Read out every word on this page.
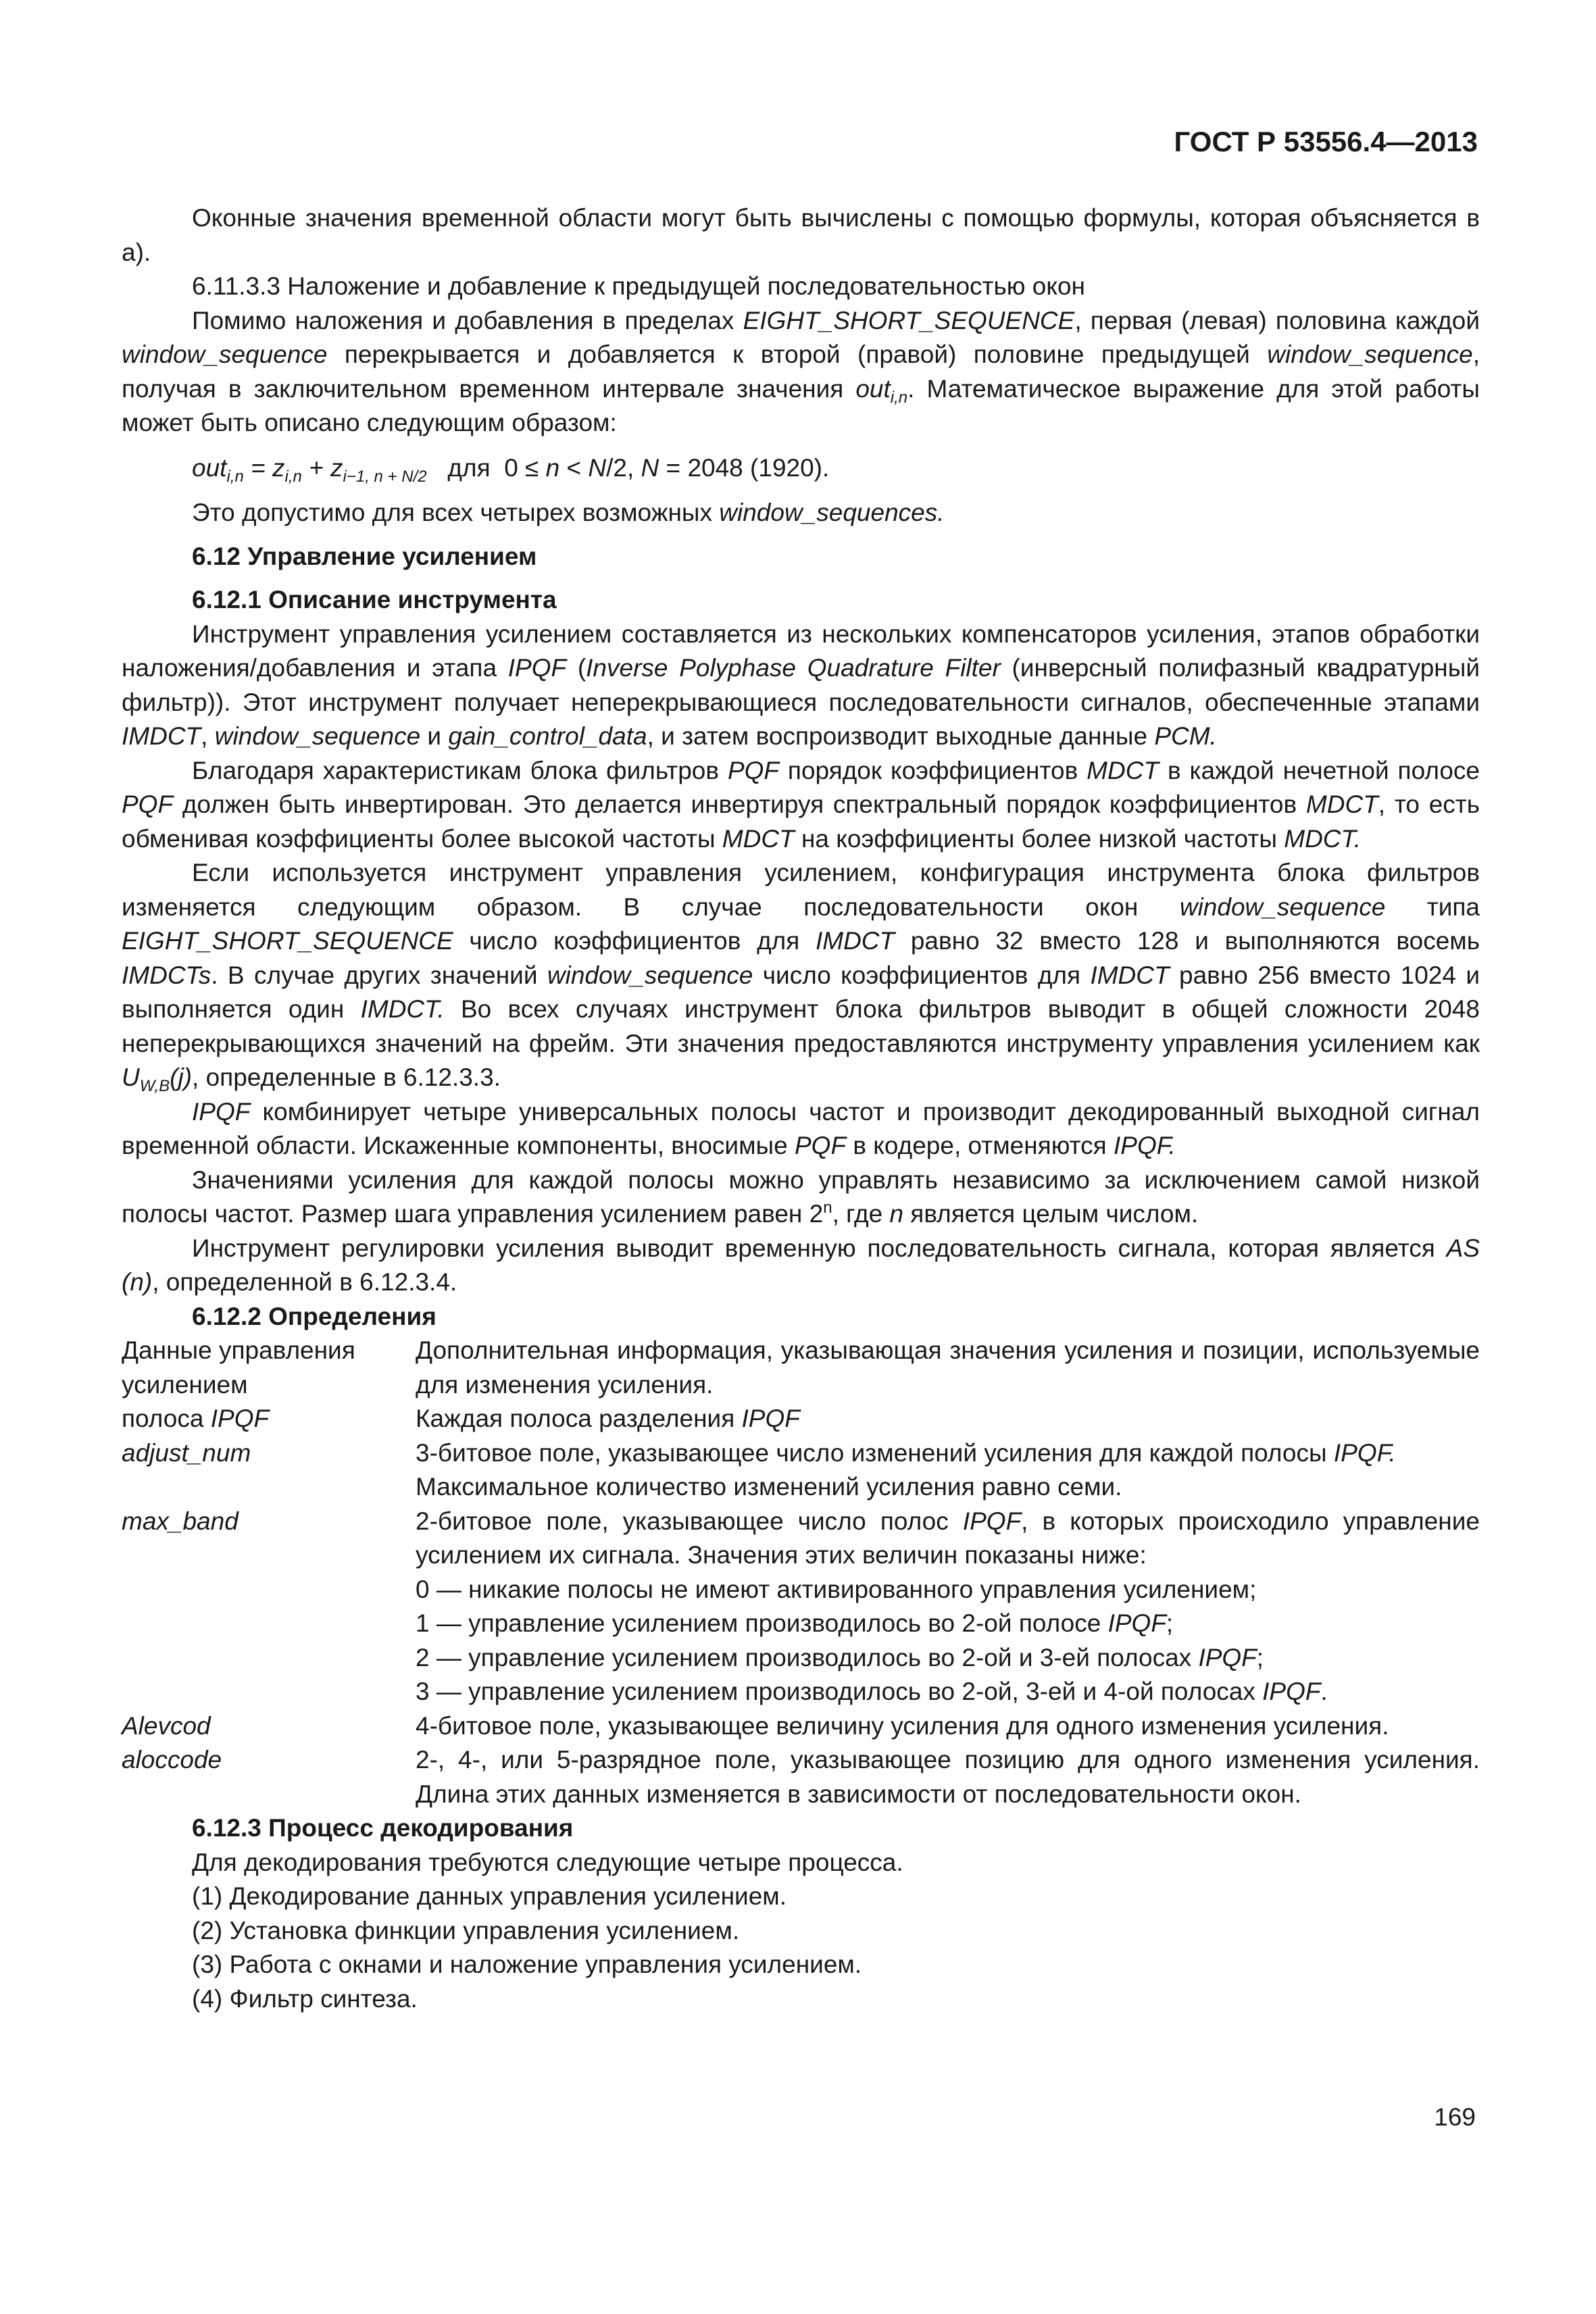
ГОСТ Р 53556.4—2013

Оконные значения временной области могут быть вычислены с помощью формулы, которая объясняется в а).

6.11.3.3 Наложение и добавление к предыдущей последовательностью окон

Помимо наложения и добавления в пределах EIGHT_SHORT_SEQUENCE, первая (левая) половина каждой window_sequence перекрывается и добавляется к второй (правой) половине предыдущей window_sequence, получая в заключительном временном интервале значения out$_{i,n}$. Математическое выражение для этой работы может быть описано следующим образом:

$out_{i,n} = z_{i,n} + z_{i-1, n + N/2}$   для  0 ≤ n < N/2, N = 2048 (1920).

Это допустимо для всех четырех возможных window_sequences.

6.12 Управление усилением
6.12.1 Описание инструмента

Инструмент управления усилением составляется из нескольких компенсаторов усиления, этапов обработки наложения/добавления и этапа IPQF (Inverse Polyphase Quadrature Filter (инверсный полифазный квадратурный фильтр)). Этот инструмент получает неперекрывающиеся последовательности сигналов, обеспеченные этапами IMDCT, window_sequence и gain_control_data, и затем воспроизводит выходные данные PCM.

Благодаря характеристикам блока фильтров PQF порядок коэффициентов MDCT в каждой нечетной полосе PQF должен быть инвертирован. Это делается инвертируя спектральный порядок коэффициентов MDCT, то есть обменивая коэффициенты более высокой частоты MDCT на коэффициенты более низкой частоты MDCT.

Если используется инструмент управления усилением, конфигурация инструмента блока фильтров изменяется следующим образом. В случае последовательности окон window_sequence типа EIGHT_SHORT_SEQUENCE число коэффициентов для IMDCT равно 32 вместо 128 и выполняются восемь IMDCTs. В случае других значений window_sequence число коэффициентов для IMDCT равно 256 вместо 1024 и выполняется один IMDCT. Во всех случаях инструмент блока фильтров выводит в общей сложности 2048 неперекрывающихся значений на фрейм. Эти значения предоставляются инструменту управления усилением как $U_{W,B}(j)$, определенные в 6.12.3.3.

IPQF комбинирует четыре универсальных полосы частот и производит декодированный выходной сигнал временной области. Искаженные компоненты, вносимые PQF в кодере, отменяются IPQF.

Значениями усиления для каждой полосы можно управлять независимо за исключением самой низкой полосы частот. Размер шага управления усилением равен 2$^n$, где n является целым числом.

Инструмент регулировки усиления выводит временную последовательность сигнала, которая является AS (n), определенной в 6.12.3.4.

6.12.2 Определения
Данные управления
усилением	Дополнительная информация, указывающая значения усиления и позиции, используемые для изменения усиления.
полоса IPQF	Каждая полоса разделения IPQF
adjust_num	3-битовое поле, указывающее число изменений усиления для каждой полосы IPQF.
Максимальное количество изменений усиления равно семи.
max_band	2-битовое поле, указывающее число полос IPQF, в которых происходило управление усилением их сигнала. Значения этих величин показаны ниже:
0 — никакие полосы не имеют активированного управления усилением;
1 — управление усилением производилось во 2-ой полосе IPQF;
2 — управление усилением производилось во 2-ой и 3-ей полосах IPQF;
3 — управление усилением производилось во 2-ой, 3-ей и 4-ой полосах IPQF.

Alevcod	4-битовое поле, указывающее величину усиления для одного изменения усиления.
aloccode	2-, 4-, или 5-разрядное поле, указывающее позицию для одного изменения усиления. Длина этих данных изменяется в зависимости от последовательности окон.
6.12.3 Процесс декодирования

Для декодирования требуются следующие четыре процесса.

(1) Декодирование данных управления усилением.

(2) Установка финкции управления усилением.

(3) Работа с окнами и наложение управления усилением.

(4) Фильтр синтеза.

169
